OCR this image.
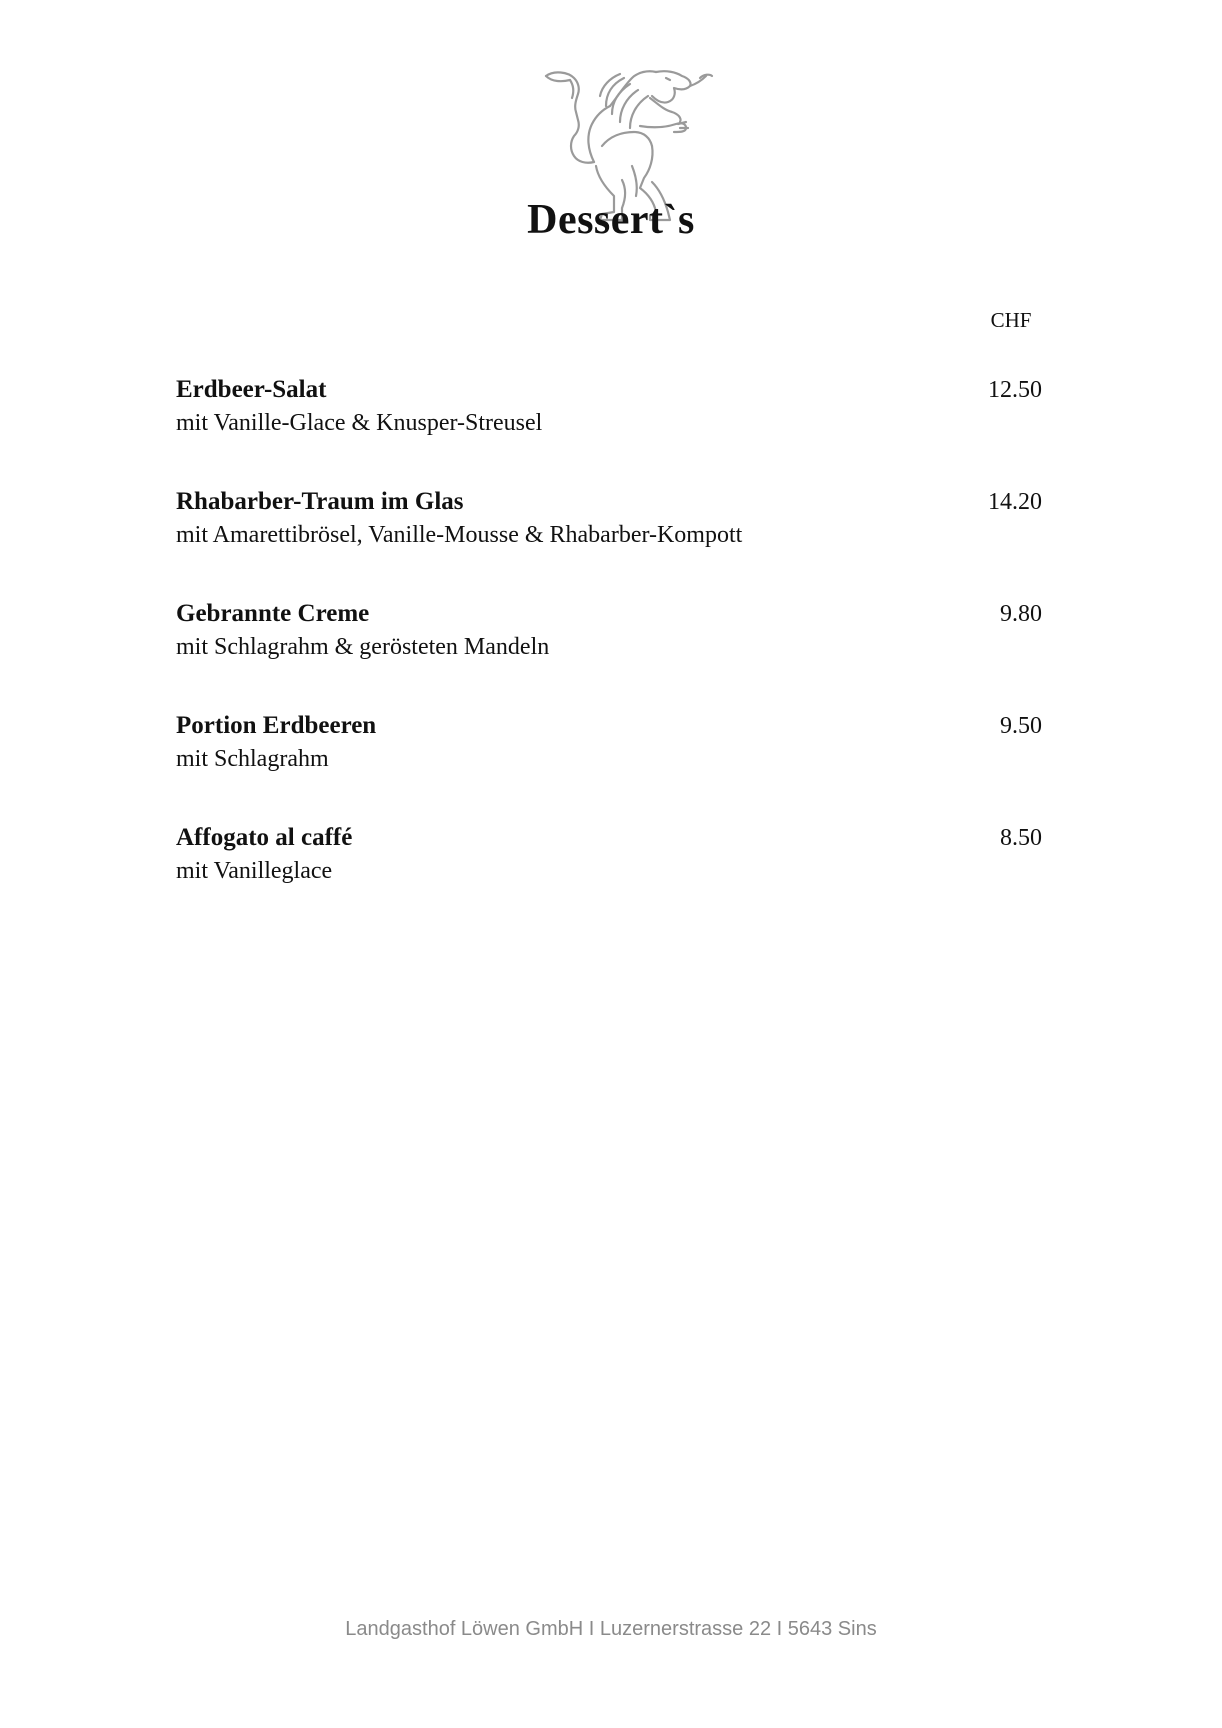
Dessert`s
CHF
Erdbeer-Salat	12.50
mit Vanille-Glace & Knusper-Streusel
Rhabarber-Traum im Glas	14.20
mit Amarettibrösel, Vanille-Mousse & Rhabarber-Kompott
Gebrannte Creme	9.80
mit Schlagrahm & gerösteten Mandeln
Portion Erdbeeren	9.50
mit Schlagrahm
Affogato al caffé	8.50
mit Vanilleglace
Landgasthof Löwen GmbH I Luzernerstrasse 22 I 5643 Sins
